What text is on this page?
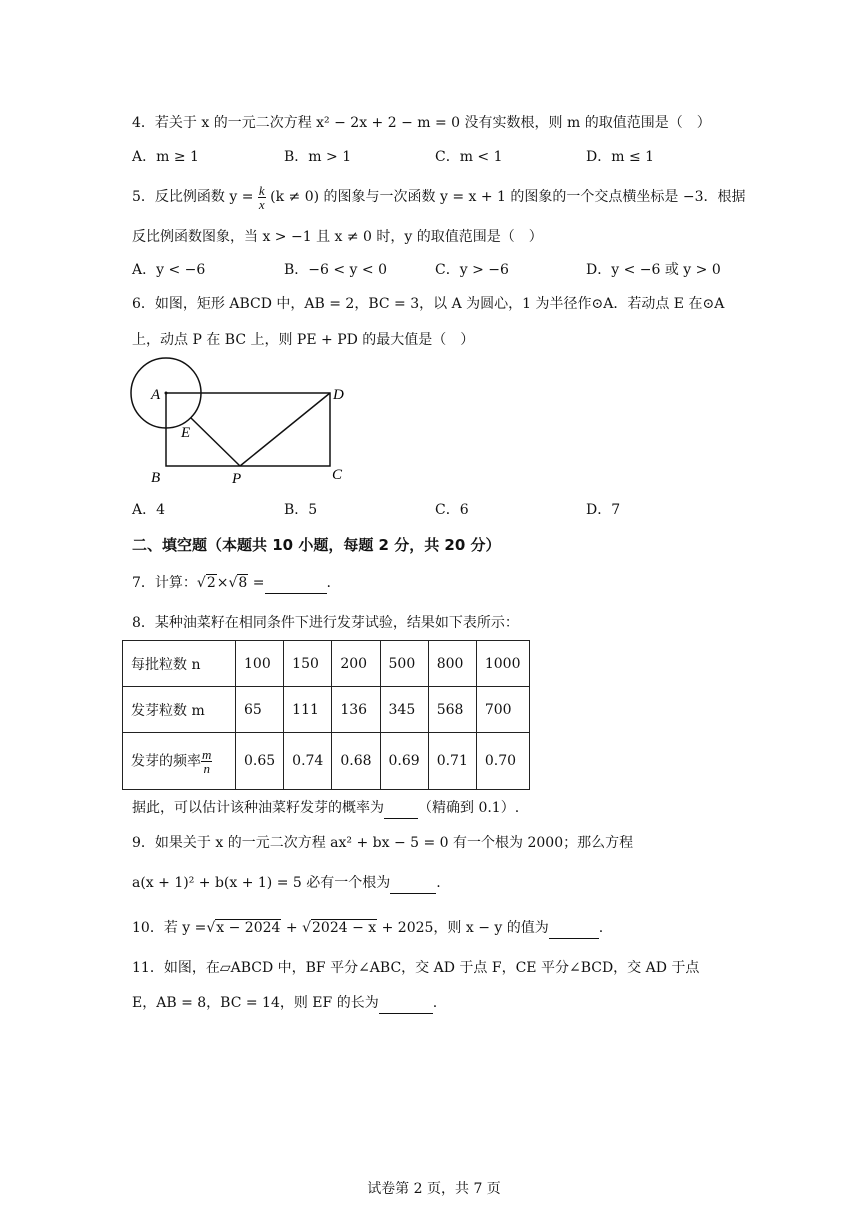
4．若关于 x 的一元二次方程 x² − 2x + 2 − m = 0 没有实数根，则 m 的取值范围是（　）
A．m ≥ 1	B．m > 1	C．m < 1	D．m ≤ 1
5．反比例函数 $y = \frac{k}{x} (k \ne 0)$ 的图象与一次函数 y = x + 1 的图象的一个交点横坐标是 −3．根据
反比例函数图象，当 x > −1 且 x ≠ 0 时，y 的取值范围是（　）
A．y < −6	B．−6 < y < 0	C．y > −6	D．y < −6 或 y > 0
6．如图，矩形 ABCD 中，AB = 2，BC = 3，以 A 为圆心，1 为半径作⊙A．若动点 E 在⊙A
上，动点 P 在 BC 上，则 PE + PD 的最大值是（　）
A	D
E
B	P	C
A．4	B．5	C．6	D．7
二、填空题（本题共 10 小题，每题 2 分，共 20 分）
7．计算：√2×√8 =	.
8．某种油菜籽在相同条件下进行发芽试验，结果如下表所示：
每批粒数 n	100	150	200	500	800	1000
发芽粒数 m	65	111	136	345	568	700
发芽的频率 $\frac{m}{n}$	0.65	0.74	0.68	0.69	0.71	0.70
据此，可以估计该种油菜籽发芽的概率为 （精确到 0.1）.
9．如果关于 x 的一元二次方程 ax² + bx − 5 = 0 有一个根为 2000；那么方程
a(x + 1)² + b(x + 1) = 5 必有一个根为	.
10．若 y =√x − 2024 + √2024 − x + 2025，则 x − y 的值为	.
11．如图，在▱ABCD 中，BF 平分∠ABC，交 AD 于点 F，CE 平分∠BCD，交 AD 于点
E，AB = 8，BC = 14，则 EF 的长为	.
试卷第 2 页，共 7 页
